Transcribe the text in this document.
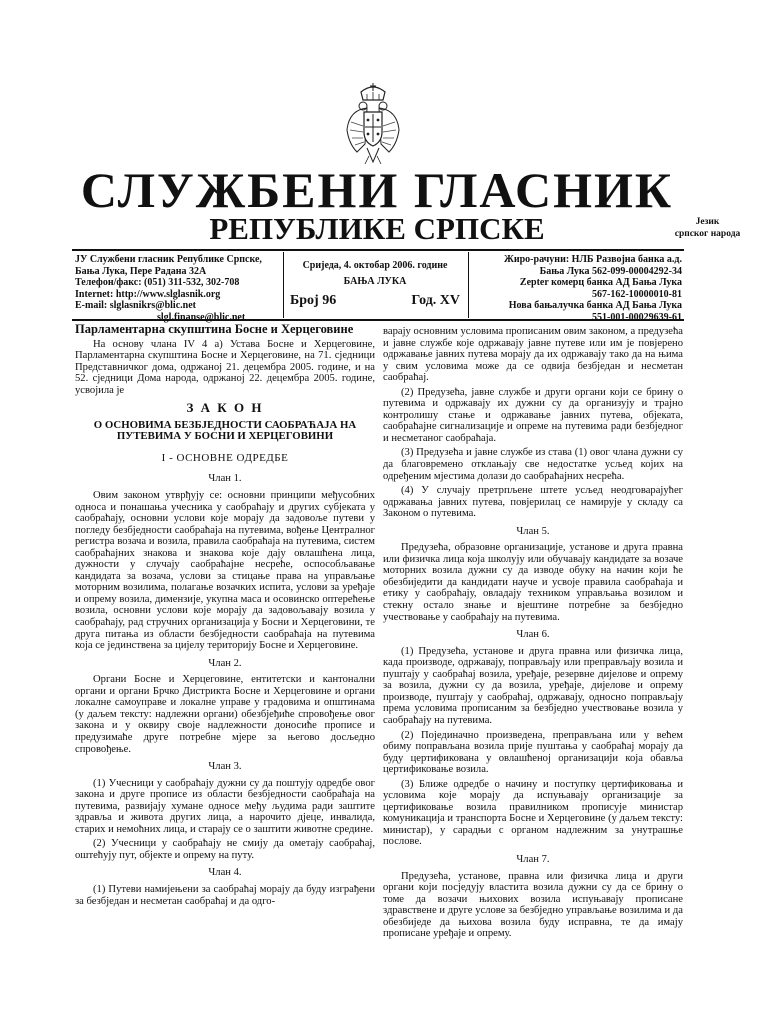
СЛУЖБЕНИ ГЛАСНИК
РЕПУБЛИКЕ СРПСКЕ	Језик
српског народа
ЈУ Службени гласник Републике Српске,
Бања Лука, Пере Радана 32А
Телефон/факс: (051) 311-532, 302-708
Internet: http://www.slglasnik.org
E-mail: slglasnikrs@blic.net
slgl.finanse@blic.net
Сриједа, 4. октобар 2006. године
БАЊА ЛУКА
Број 96	Год. XV
Жиро-рачуни: НЛБ Развојна банка а.д.
Бања Лука 562-099-00004292-34
Zepter комерц банка АД Бања Лука
567-162-10000010-81
Нова бањалучка банка АД Бања Лука
551-001-00029639-61

Парламентарна скупштина Босне и Херцеговине

На основу члана IV 4 а) Устава Босне и Херцеговине, Парламентарна скупштина Босне и Херцеговине, на 71. сједници Представничког дома, одржаној 21. децембра 2005. године, и на 52. сједници Дома народа, одржаној 22. децембра 2005. године, усвојила је

З А К О Н
О ОСНОВИМА БЕЗБЈЕДНОСТИ САОБРАЋАЈА НА ПУТЕВИМА У БОСНИ И ХЕРЦЕГОВИНИ
I - ОСНОВНЕ ОДРЕДБЕ
Члан 1.

Овим законом утврђују се: основни принципи међусобних односа и понашања учесника у саобраћају и других субјеката у саобраћају, основни услови које морају да задовоље путеви у погледу безбједности саобраћаја на путевима, вођење Централног регистра возача и возила, правила саобраћаја на путевима, систем саобраћајних знакова и знакова које дају овлашћена лица, дужности у случају саобраћајне несреће, оспособљавање кандидата за возача, услови за стицање права на управљање моторним возилима, полагање возачких испита, услови за уређаје и опрему возила, димензије, укупна маса и осовинско оптерећење возила, основни услови које морају да задовољавају возила у саобраћају, рад стручних организација у Босни и Херцеговини, те друга питања из области безбједности саобраћаја на путевима која се јединствена за цијелу територију Босне и Херцеговине.

Члан 2.

Органи Босне и Херцеговине, ентитетски и кантонални органи и органи Брчко Дистрикта Босне и Херцеговине и органи локалне самоуправе и локалне управе у градовима и општинама (у даљем тексту: надлежни органи) обезбјеђиће спровођење овог закона и у оквиру своје надлежности доносиће прописе и предузимаће друге потребне мјере за његово досљедно спровођење.

Члан 3.

(1) Учесници у саобраћају дужни су да поштују одредбе овог закона и друге прописе из области безбједности саобраћаја на путевима, развијају хумане односе међу људима ради заштите здравља и живота других лица, а нарочито дјеце, инвалида, старих и немоћних лица, и старају се о заштити животне средине.

(2) Учесници у саобраћају не смију да ометају саобраћај, оштећују пут, објекте и опрему на путу.

Члан 4.

(1) Путеви намијењени за саобраћај морају да буду изграђени за безбједан и несметан саобраћај и да одго-

варају основним условима прописаним овим законом, а предузећа и јавне службе које одржавају јавне путеве или им је повјерено одржавање јавних путева морају да их одржавају тако да на њима у свим условима може да се одвија безбједан и несметан саобраћај.

(2) Предузећа, јавне службе и други органи који се брину о путевима и одржавају их дужни су да организују и трајно контролишу стање и одржавање јавних путева, објеката, саобраћајне сигнализације и опреме на путевима ради безбједног и несметаног саобраћаја.

(3) Предузећа и јавне службе из става (1) овог члана дужни су да благовремено отклањају све недостатке усљед којих на одређеним мјестима долази до саобраћајних несрећа.

(4) У случају претрпљене штете усљед неодговарајућег одржавања јавних путева, повјерилац се намирује у складу са Законом о путевима.

Члан 5.

Предузећа, образовне организације, установе и друга правна или физичка лица која школују или обучавају кандидате за возаче моторних возила дужни су да изводе обуку на начин који ће обезбиједити да кандидати науче и усвоје правила саобраћаја и етику у саобраћају, овладају техником управљања возилом и стекну остало знање и вјештине потребне за безбједно учествовање у саобраћају на путевима.

Члан 6.

(1) Предузећа, установе и друга правна или физичка лица, када производе, одржавају, поправљају или преправљају возила и пуштају у саобраћај возила, уређаје, резервне дијелове и опрему за возила, дужни су да возила, уређаје, дијелове и опрему производе, пуштају у саобраћај, одржавају, односно поправљају према условима прописаним за безбједно учествовање возила у саобраћају на путевима.

(2) Појединачно произведена, преправљана или у већем обиму поправљана возила прије пуштања у саобраћај морају да буду цертификована у овлашћеној организацији која обавља цертификовање возила.

(3) Ближе одредбе о начину и поступку цертификовања и условима које морају да испуњавају организације за цертификовање возила правилником прописује министар комуникација и транспорта Босне и Херцеговине (у даљем тексту: министар), у сарадњи с органом надлежним за унутрашње послове.

Члан 7.

Предузећа, установе, правна или физичка лица и други органи који посједују властита возила дужни су да се брину о томе да возачи њихових возила испуњавају прописане здравствене и друге услове за безбједно управљање возилима и да обезбиједе да њихова возила буду исправна, те да имају прописане уређаје и опрему.
